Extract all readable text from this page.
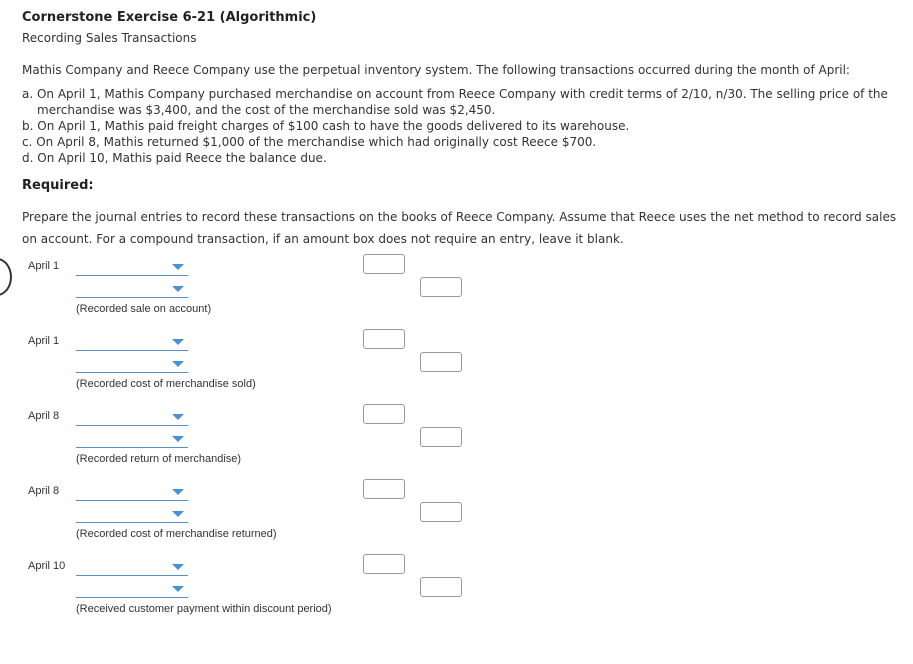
Cornerstone Exercise 6-21 (Algorithmic)
Recording Sales Transactions
Mathis Company and Reece Company use the perpetual inventory system. The following transactions occurred during the month of April:
a. On April 1, Mathis Company purchased merchandise on account from Reece Company with credit terms of 2/10, n/30. The selling price of the
merchandise was $3,400, and the cost of the merchandise sold was $2,450.
b. On April 1, Mathis paid freight charges of $100 cash to have the goods delivered to its warehouse.
c. On April 8, Mathis returned $1,000 of the merchandise which had originally cost Reece $700.
d. On April 10, Mathis paid Reece the balance due.
Required:
Prepare the journal entries to record these transactions on the books of Reece Company. Assume that Reece uses the net method to record sales on account. For a compound transaction, if an amount box does not require an entry, leave it blank.
April 1
(Recorded sale on account)
April 1
(Recorded cost of merchandise sold)
April 8
(Recorded return of merchandise)
April 8
(Recorded cost of merchandise returned)
April 10
(Received customer payment within discount period)
